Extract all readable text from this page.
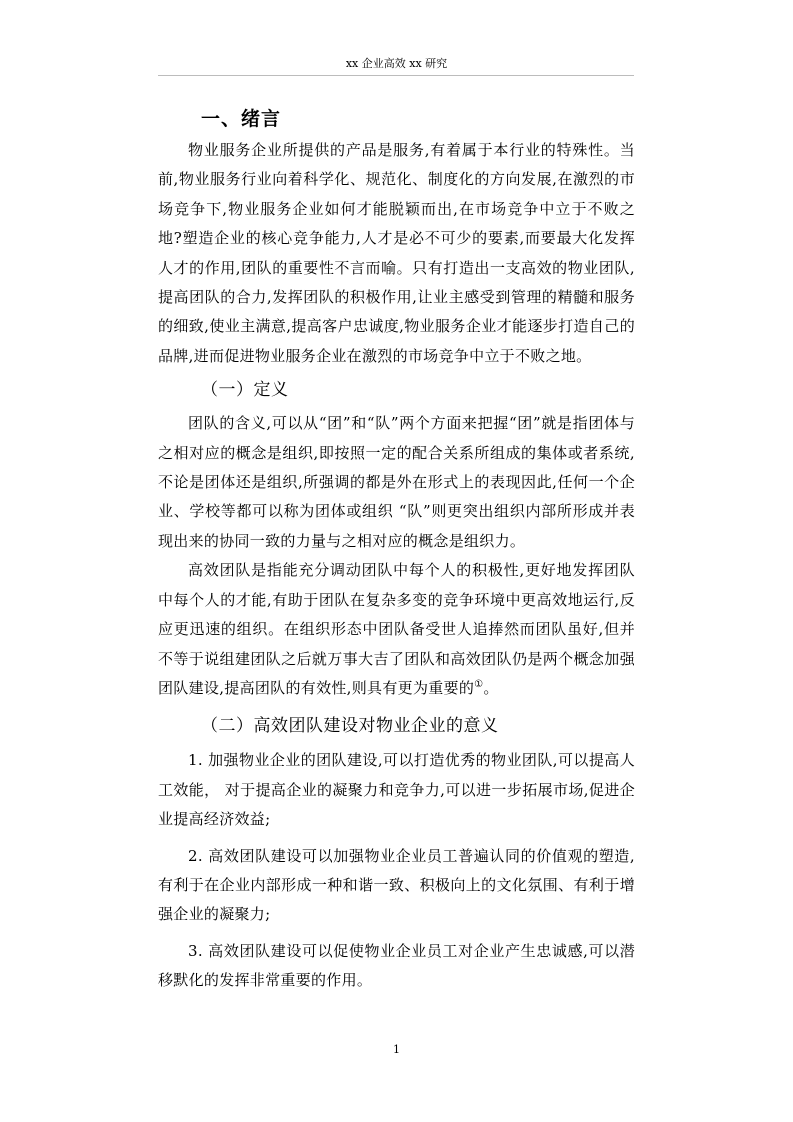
xx 企业高效 xx 研究
一、绪言

物业服务企业所提供的产品是服务,有着属于本行业的特殊性。当前,物业服务行业向着科学化、规范化、制度化的方向发展,在激烈的市场竞争下,物业服务企业如何才能脱颖而出,在市场竞争中立于不败之地?塑造企业的核心竞争能力,人才是必不可少的要素,而要最大化发挥人才的作用,团队的重要性不言而喻。只有打造出一支高效的物业团队,提高团队的合力,发挥团队的积极作用,让业主感受到管理的精髓和服务的细致,使业主满意,提高客户忠诚度,物业服务企业才能逐步打造自己的品牌,进而促进物业服务企业在激烈的市场竞争中立于不败之地。

（一）定义

团队的含义,可以从“团”和“队”两个方面来把握“团”就是指团体与之相对应的概念是组织,即按照一定的配合关系所组成的集体或者系统,不论是团体还是组织,所强调的都是外在形式上的表现因此,任何一个企业、学校等都可以称为团体或组织 “队”则更突出组织内部所形成并表现出来的协同一致的力量与之相对应的概念是组织力。

高效团队是指能充分调动团队中每个人的积极性,更好地发挥团队中每个人的才能,有助于团队在复杂多变的竞争环境中更高效地运行,反应更迅速的组织。在组织形态中团队备受世人追捧然而团队虽好,但并不等于说组建团队之后就万事大吉了团队和高效团队仍是两个概念加强团队建设,提高团队的有效性,则具有更为重要的①。

（二）高效团队建设对物业企业的意义

1. 加强物业企业的团队建设,可以打造优秀的物业团队,可以提高人工效能， 对于提高企业的凝聚力和竞争力,可以进一步拓展市场,促进企业提高经济效益;

2. 高效团队建设可以加强物业企业员工普遍认同的价值观的塑造,有利于在企业内部形成一种和谐一致、积极向上的文化氛围、有利于增强企业的凝聚力;

3. 高效团队建设可以促使物业企业员工对企业产生忠诚感,可以潜移默化的发挥非常重要的作用。

1
